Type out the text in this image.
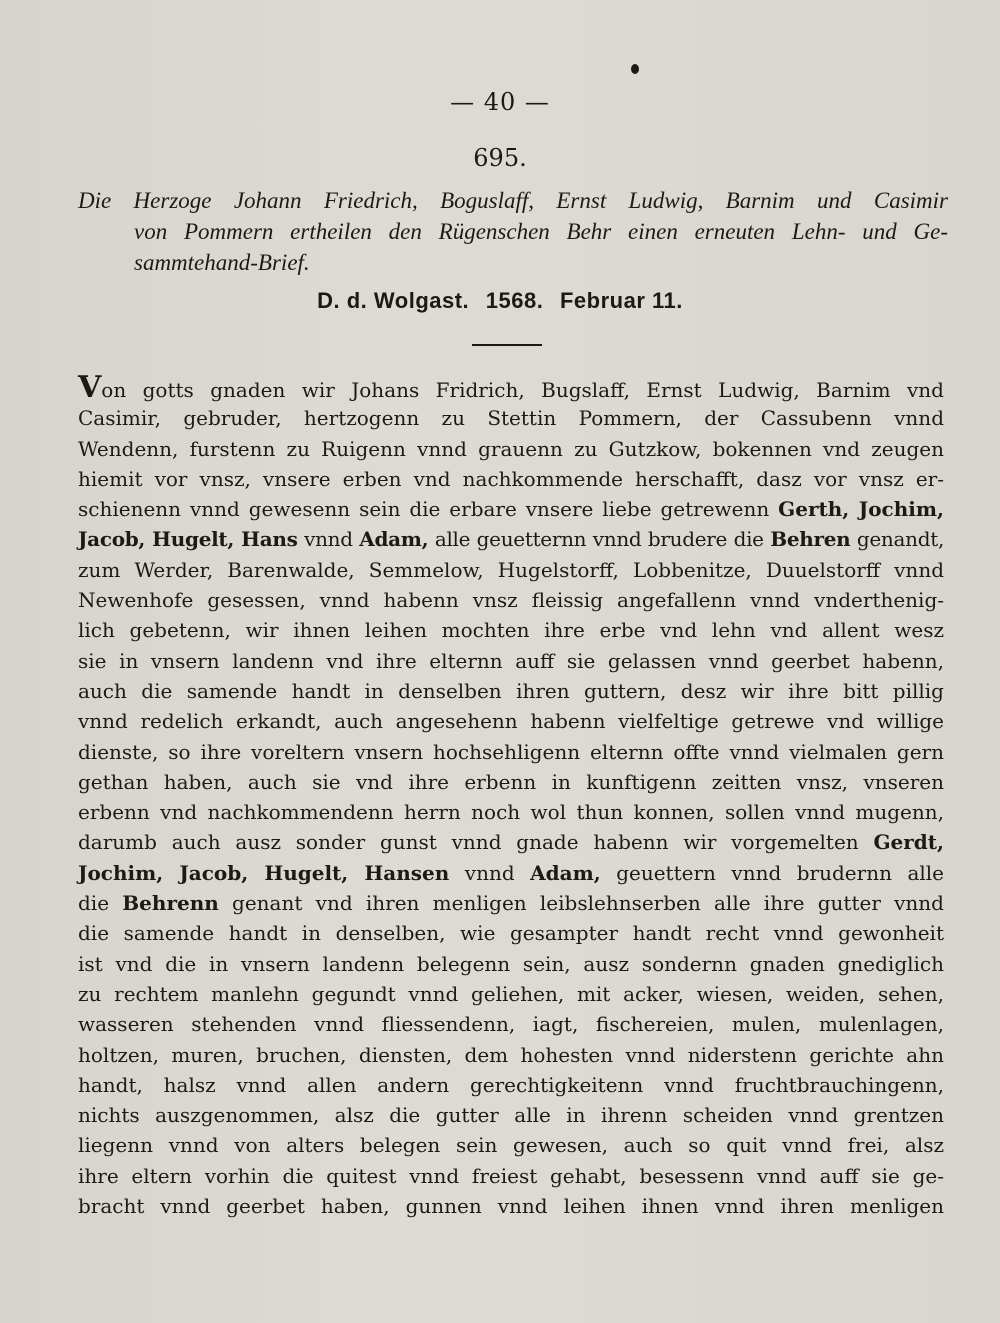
— 40 —
695.
Die Herzoge Johann Friedrich, Boguslaff, Ernst Ludwig, Barnim und Casimir
von Pommern ertheilen den Rügenschen Behr einen erneuten Lehn- und Ge-
sammtehand-Brief.
D. d. Wolgast. 1568. Februar 11.
Von gotts gnaden wir Johans Fridrich, Bugslaff, Ernst Ludwig, Barnim vnd
Casimir, gebruder, hertzogenn zu Stettin Pommern, der Cassubenn vnnd
Wendenn, furstenn zu Ruigenn vnnd grauenn zu Gutzkow, bokennen vnd zeugen
hiemit vor vnsz, vnsere erben vnd nachkommende herschafft, dasz vor vnsz er-
schienenn vnnd gewesenn sein die erbare vnsere liebe getrewenn Gerth, Jochim,
Jacob, Hugelt, Hans vnnd Adam, alle geuetternn vnnd brudere die Behren genandt,
zum Werder, Barenwalde, Semmelow, Hugelstorff, Lobbenitze, Duuelstorff vnnd
Newenhofe gesessen, vnnd habenn vnsz fleissig angefallenn vnnd vnderthenig-
lich gebetenn, wir ihnen leihen mochten ihre erbe vnd lehn vnd allent wesz
sie in vnsern landenn vnd ihre elternn auff sie gelassen vnnd geerbet habenn,
auch die samende handt in denselben ihren guttern, desz wir ihre bitt pillig
vnnd redelich erkandt, auch angesehenn habenn vielfeltige getrewe vnd willige
dienste, so ihre voreltern vnsern hochsehligenn elternn offte vnnd vielmalen gern
gethan haben, auch sie vnd ihre erbenn in kunftigenn zeitten vnsz, vnseren
erbenn vnd nachkommendenn herrn noch wol thun konnen, sollen vnnd mugenn,
darumb auch ausz sonder gunst vnnd gnade habenn wir vorgemelten Gerdt,
Jochim, Jacob, Hugelt, Hansen vnnd Adam, geuettern vnnd brudernn alle
die Behrenn genant vnd ihren menligen leibslehnserben alle ihre gutter vnnd
die samende handt in denselben, wie gesampter handt recht vnnd gewonheit
ist vnd die in vnsern landenn belegenn sein, ausz sondernn gnaden gnediglich
zu rechtem manlehn gegundt vnnd geliehen, mit acker, wiesen, weiden, sehen,
wasseren stehenden vnnd fliessendenn, iagt, fischereien, mulen, mulenlagen,
holtzen, muren, bruchen, diensten, dem hohesten vnnd niderstenn gerichte ahn
handt, halsz vnnd allen andern gerechtigkeitenn vnnd fruchtbrauchingenn,
nichts auszgenommen, alsz die gutter alle in ihrenn scheiden vnnd grentzen
liegenn vnnd von alters belegen sein gewesen, auch so quit vnnd frei, alsz
ihre eltern vorhin die quitest vnnd freiest gehabt, besessenn vnnd auff sie ge-
bracht vnnd geerbet haben, gunnen vnnd leihen ihnen vnnd ihren menligen
